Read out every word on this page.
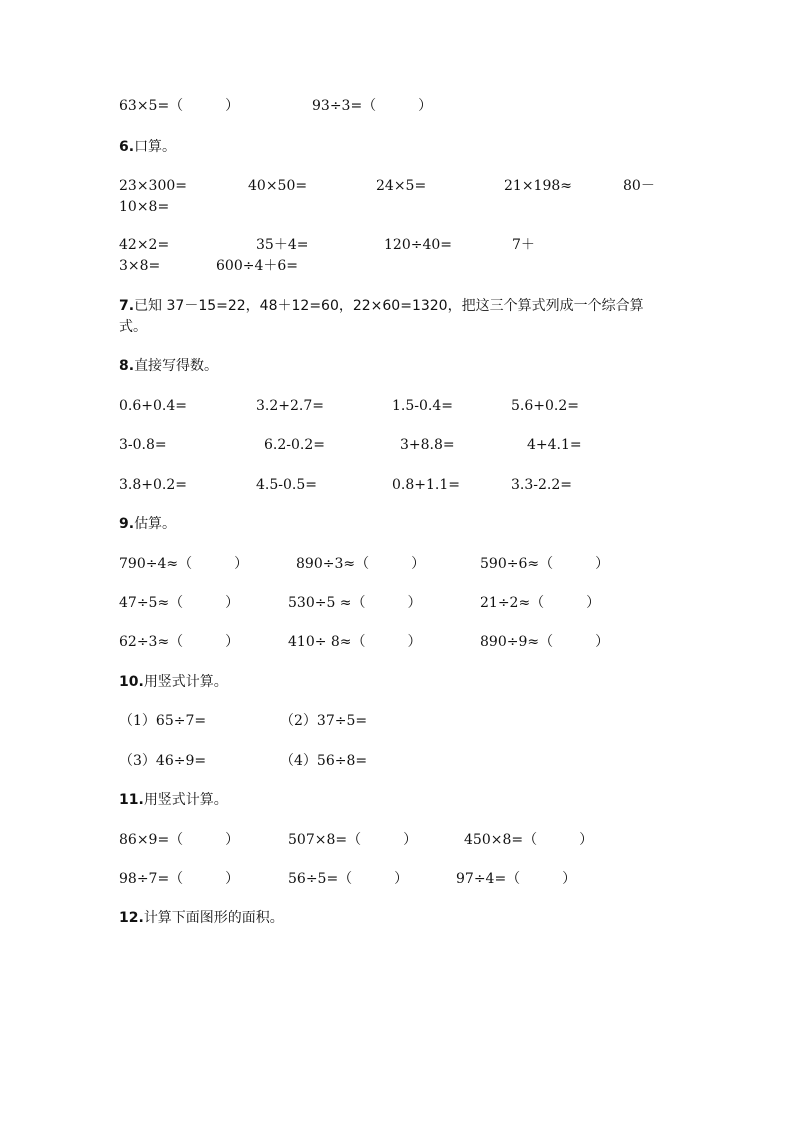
63×5=（　　　）	93÷3=（　　　）
6.口算。
23×300=	40×50=	24×5=	21×198≈	80－
10×8=
42×2=	35＋4=	120÷40=	7＋
3×8=	600÷4＋6=
7.已知 37－15=22，48＋12=60，22×60=1320，把这三个算式列成一个综合算
式。
8.直接写得数。
0.6+0.4=	3.2+2.7=	1.5-0.4=	5.6+0.2=
3-0.8=	6.2-0.2=	3+8.8=	4+4.1=
3.8+0.2=	4.5-0.5=	0.8+1.1=	3.3-2.2=
9.估算。
790÷4≈（　　　）	890÷3≈（　　　）	590÷6≈（　　　）
47÷5≈（　　　）	530÷5 ≈（　　　）	21÷2≈（　　　）
62÷3≈（　　　）	410÷ 8≈（　　　）	890÷9≈（　　　）
10.用竖式计算。
（1）65÷7=	（2）37÷5=
（3）46÷9=	（4）56÷8=
11.用竖式计算。
86×9=（　　　）	507×8=（　　　）	450×8=（　　　）
98÷7=（　　　）	56÷5=（　　　）	97÷4=（　　　）
12.计算下面图形的面积。
